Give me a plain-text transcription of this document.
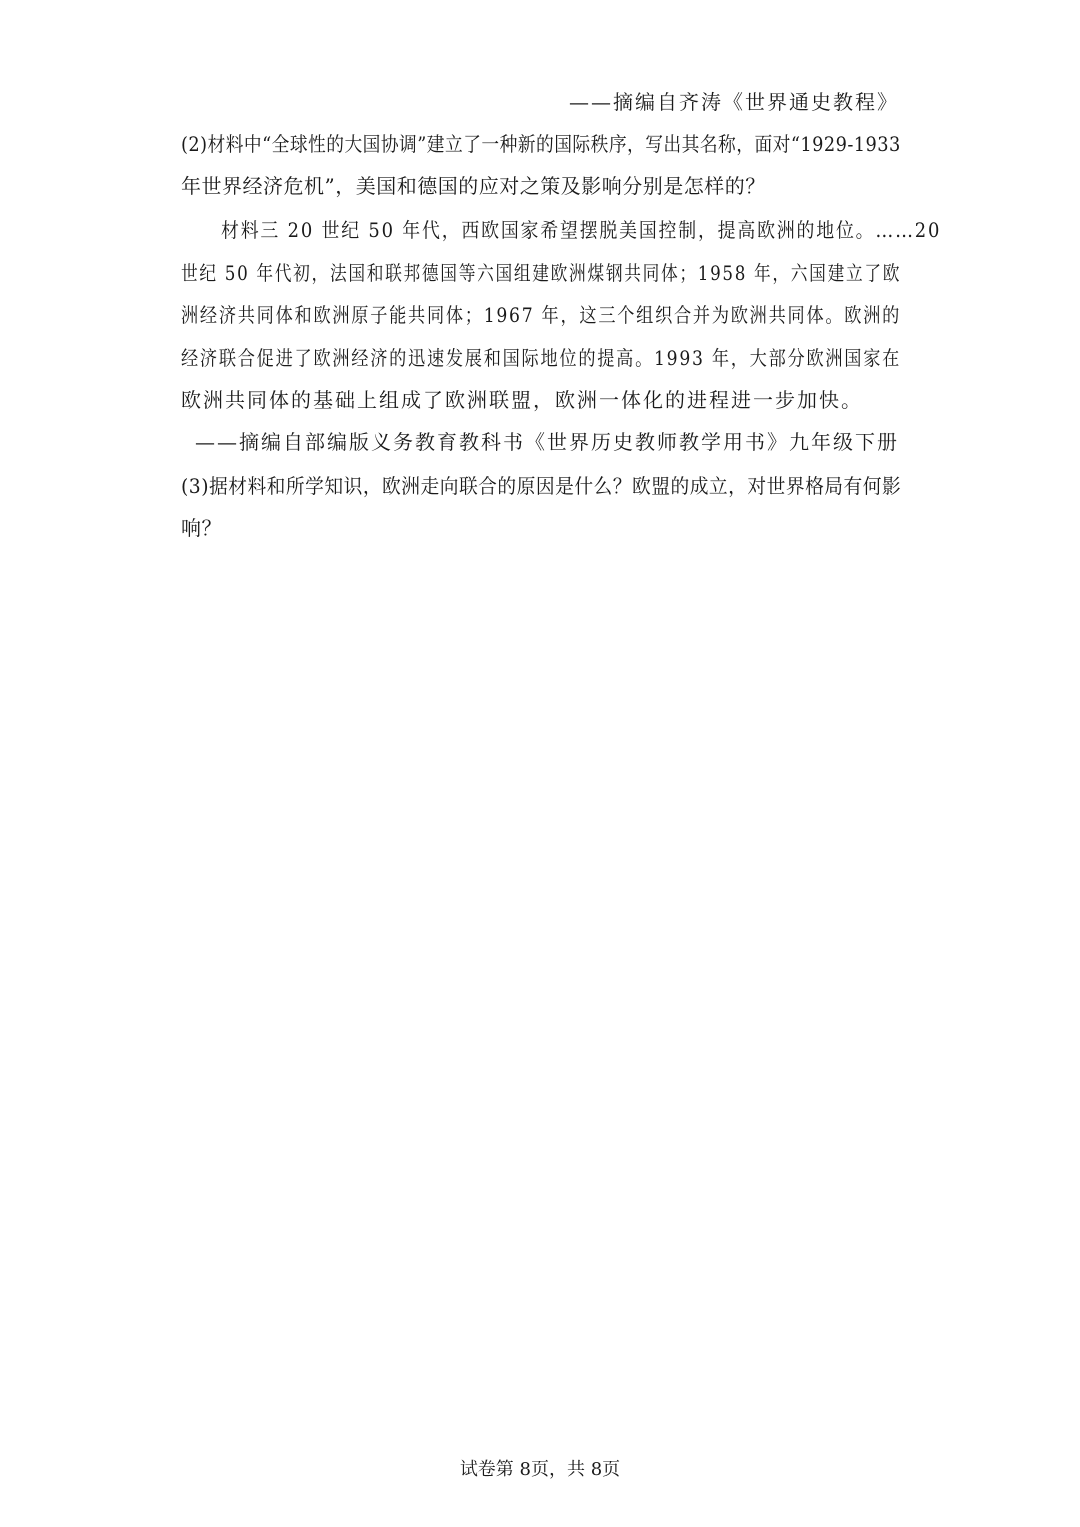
——摘编自齐涛《世界通史教程》
(2)材料中“全球性的大国协调”建立了一种新的国际秩序，写出其名称，面对“1929-1933
年世界经济危机”，美国和德国的应对之策及影响分别是怎样的？
材料三 20 世纪 50 年代，西欧国家希望摆脱美国控制，提高欧洲的地位。……20
世纪 50 年代初，法国和联邦德国等六国组建欧洲煤钢共同体；1958 年，六国建立了欧
洲经济共同体和欧洲原子能共同体；1967 年，这三个组织合并为欧洲共同体。欧洲的
经济联合促进了欧洲经济的迅速发展和国际地位的提高。1993 年，大部分欧洲国家在
欧洲共同体的基础上组成了欧洲联盟，欧洲一体化的进程进一步加快。
——摘编自部编版义务教育教科书《世界历史教师教学用书》九年级下册
(3)据材料和所学知识，欧洲走向联合的原因是什么？欧盟的成立，对世界格局有何影
响？
试卷第 8页，共 8页
